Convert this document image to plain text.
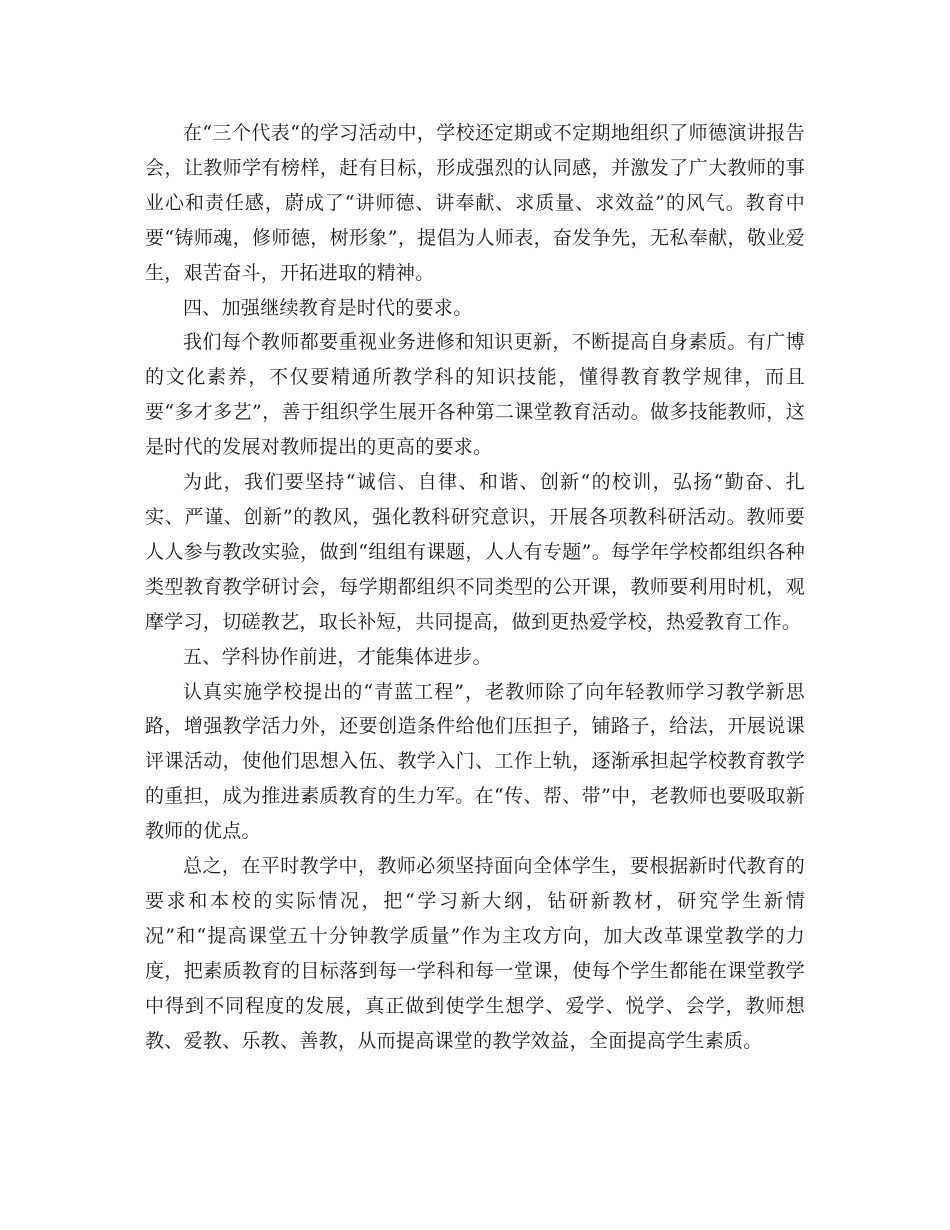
在“三个代表“的学习活动中，学校还定期或不定期地组织了师德演讲报告会，让教师学有榜样，赶有目标，形成强烈的认同感，并激发了广大教师的事业心和责任感，蔚成了“讲师德、讲奉献、求质量、求效益”的风气。教育中要“铸师魂，修师德，树形象”，提倡为人师表，奋发争先，无私奉献，敬业爱生，艰苦奋斗，开拓进取的精神。

四、加强继续教育是时代的要求。

我们每个教师都要重视业务进修和知识更新，不断提高自身素质。有广博的文化素养，不仅要精通所教学科的知识技能，懂得教育教学规律，而且要“多才多艺”，善于组织学生展开各种第二课堂教育活动。做多技能教师，这是时代的发展对教师提出的更高的要求。

为此，我们要坚持“诚信、自律、和谐、创新“的校训，弘扬“勤奋、扎实、严谨、创新”的教风，强化教科研究意识，开展各项教科研活动。教师要人人参与教改实验，做到“组组有课题，人人有专题”。每学年学校都组织各种类型教育教学研讨会，每学期都组织不同类型的公开课，教师要利用时机，观摩学习，切磋教艺，取长补短，共同提高，做到更热爱学校，热爱教育工作。

五、学科协作前进，才能集体进步。

认真实施学校提出的“青蓝工程”，老教师除了向年轻教师学习教学新思路，增强教学活力外，还要创造条件给他们压担子，铺路子，给法，开展说课评课活动，使他们思想入伍、教学入门、工作上轨，逐渐承担起学校教育教学的重担，成为推进素质教育的生力军。在“传、帮、带”中，老教师也要吸取新教师的优点。

总之，在平时教学中，教师必须坚持面向全体学生，要根据新时代教育的要求和本校的实际情况，把“学习新大纲，钻研新教材，研究学生新情况”和“提高课堂五十分钟教学质量”作为主攻方向，加大改革课堂教学的力度，把素质教育的目标落到每一学科和每一堂课，使每个学生都能在课堂教学中得到不同程度的发展，真正做到使学生想学、爱学、悦学、会学，教师想教、爱教、乐教、善教，从而提高课堂的教学效益，全面提高学生素质。
